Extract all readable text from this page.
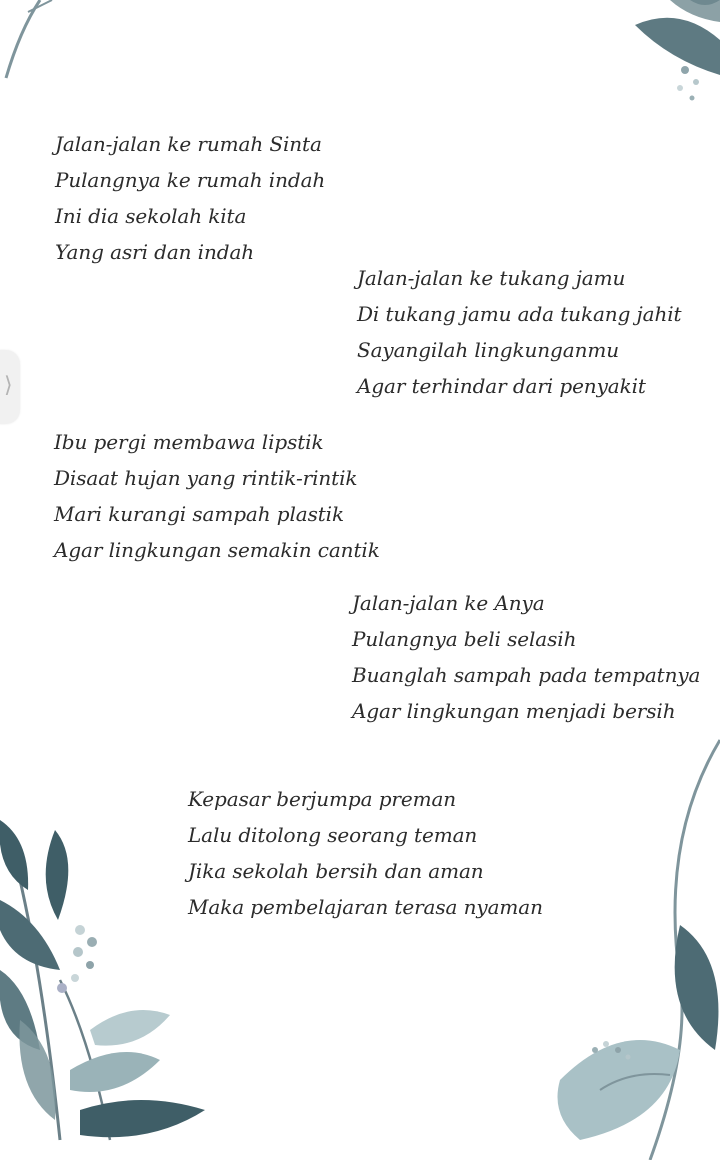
⟩
Jalan-jalan ke rumah Sinta
Pulangnya ke rumah indah
Ini dia sekolah kita
Yang asri dan indah
Jalan-jalan ke tukang jamu
Di tukang jamu ada tukang jahit
Sayangilah lingkunganmu
Agar terhindar dari penyakit
Ibu pergi membawa lipstik
Disaat hujan yang rintik-rintik
Mari kurangi sampah plastik
Agar lingkungan semakin cantik
Jalan-jalan ke Anya
Pulangnya beli selasih
Buanglah sampah pada tempatnya
Agar lingkungan menjadi bersih
Kepasar berjumpa preman
Lalu ditolong seorang teman
Jika sekolah bersih dan aman
Maka pembelajaran terasa nyaman
